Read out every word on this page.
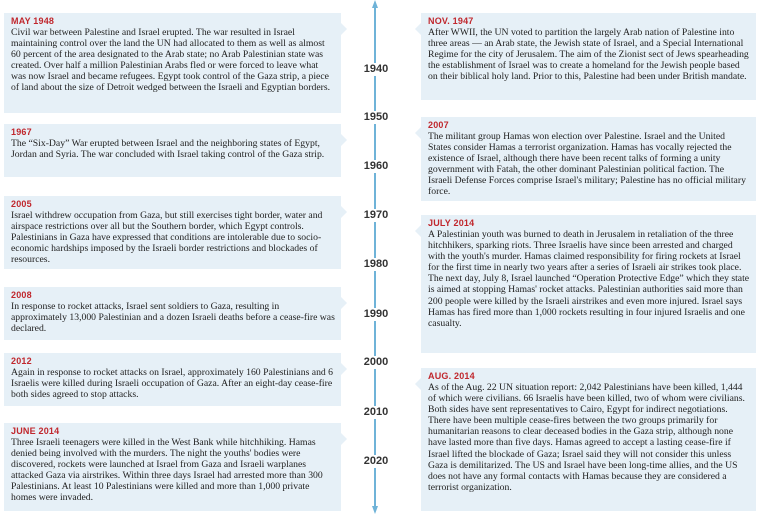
1940
1950
1960
1970
1980
1990
2000
2010
2020
MAY 1948
Civil war between Palestine and Israel erupted. The war resulted in Israel maintaining control over the land the UN had allocated to them as well as almost 60 percent of the area designated to the Arab state; no Arab Palestinian state was created. Over half a million Palestinian Arabs fled or were forced to leave what was now Israel and became refugees. Egypt took control of the Gaza strip, a piece of land about the size of Detroit wedged between the Israeli and Egyptian borders.
1967
The “Six-Day” War erupted between Israel and the neighboring states of Egypt, Jordan and Syria. The war concluded with Israel taking control of the Gaza strip.
2005
Israel withdrew occupation from Gaza, but still exercises tight border, water and airspace restrictions over all but the Southern border, which Egypt controls. Palestinians in Gaza have expressed that conditions are intolerable due to socio-economic hardships imposed by the Israeli border restrictions and blockades of resources.
2008
In response to rocket attacks, Israel sent soldiers to Gaza, resulting in approximately 13,000 Palestinian and a dozen Israeli deaths before a cease-fire was declared.
2012
Again in response to rocket attacks on Israel, approximately 160 Palestinians and 6 Israelis were killed during Israeli occupation of Gaza. After an eight-day cease-fire both sides agreed to stop attacks.
JUNE 2014
Three Israeli teenagers were killed in the West Bank while hitchhiking. Hamas denied being involved with the murders. The night the youths' bodies were discovered, rockets were launched at Israel from Gaza and Israeli warplanes attacked Gaza via airstrikes. Within three days Israel had arrested more than 300 Palestinians. At least 10 Palestinians were killed and more than 1,000 private homes were invaded.
NOV. 1947
After WWII, the UN voted to partition the largely Arab nation of Palestine into three areas — an Arab state, the Jewish state of Israel, and a Special International Regime for the city of Jerusalem. The aim of the Zionist sect of Jews spearheading the establishment of Israel was to create a homeland for the Jewish people based on their biblical holy land. Prior to this, Palestine had been under British mandate.
2007
The militant group Hamas won election over Palestine. Israel and the United States consider Hamas a terrorist organization. Hamas has vocally rejected the existence of Israel, although there have been recent talks of forming a unity government with Fatah, the other dominant Palestinian political faction. The Israeli Defense Forces comprise Israel's military; Palestine has no official military force.
JULY 2014
A Palestinian youth was burned to death in Jerusalem in retaliation of the three hitchhikers, sparking riots. Three Israelis have since been arrested and charged with the youth's murder. Hamas claimed responsibility for firing rockets at Israel for the first time in nearly two years after a series of Israeli air strikes took place. The next day, July 8, Israel launched “Operation Protective Edge” which they state is aimed at stopping Hamas' rocket attacks. Palestinian authorities said more than 200 people were killed by the Israeli airstrikes and even more injured. Israel says Hamas has fired more than 1,000 rockets resulting in four injured Israelis and one casualty.
AUG. 2014
As of the Aug. 22 UN situation report: 2,042 Palestinians have been killed, 1,444 of which were civilians. 66 Israelis have been killed, two of whom were civilians. Both sides have sent representatives to Cairo, Egypt for indirect negotiations. There have been multiple cease-fires between the two groups primarily for humanitarian reasons to clear deceased bodies in the Gaza strip, although none have lasted more than five days. Hamas agreed to accept a lasting cease-fire if Israel lifted the blockade of Gaza; Israel said they will not consider this unless Gaza is demilitarized. The US and Israel have been long-time allies, and the US does not have any formal contacts with Hamas because they are considered a terrorist organization.
